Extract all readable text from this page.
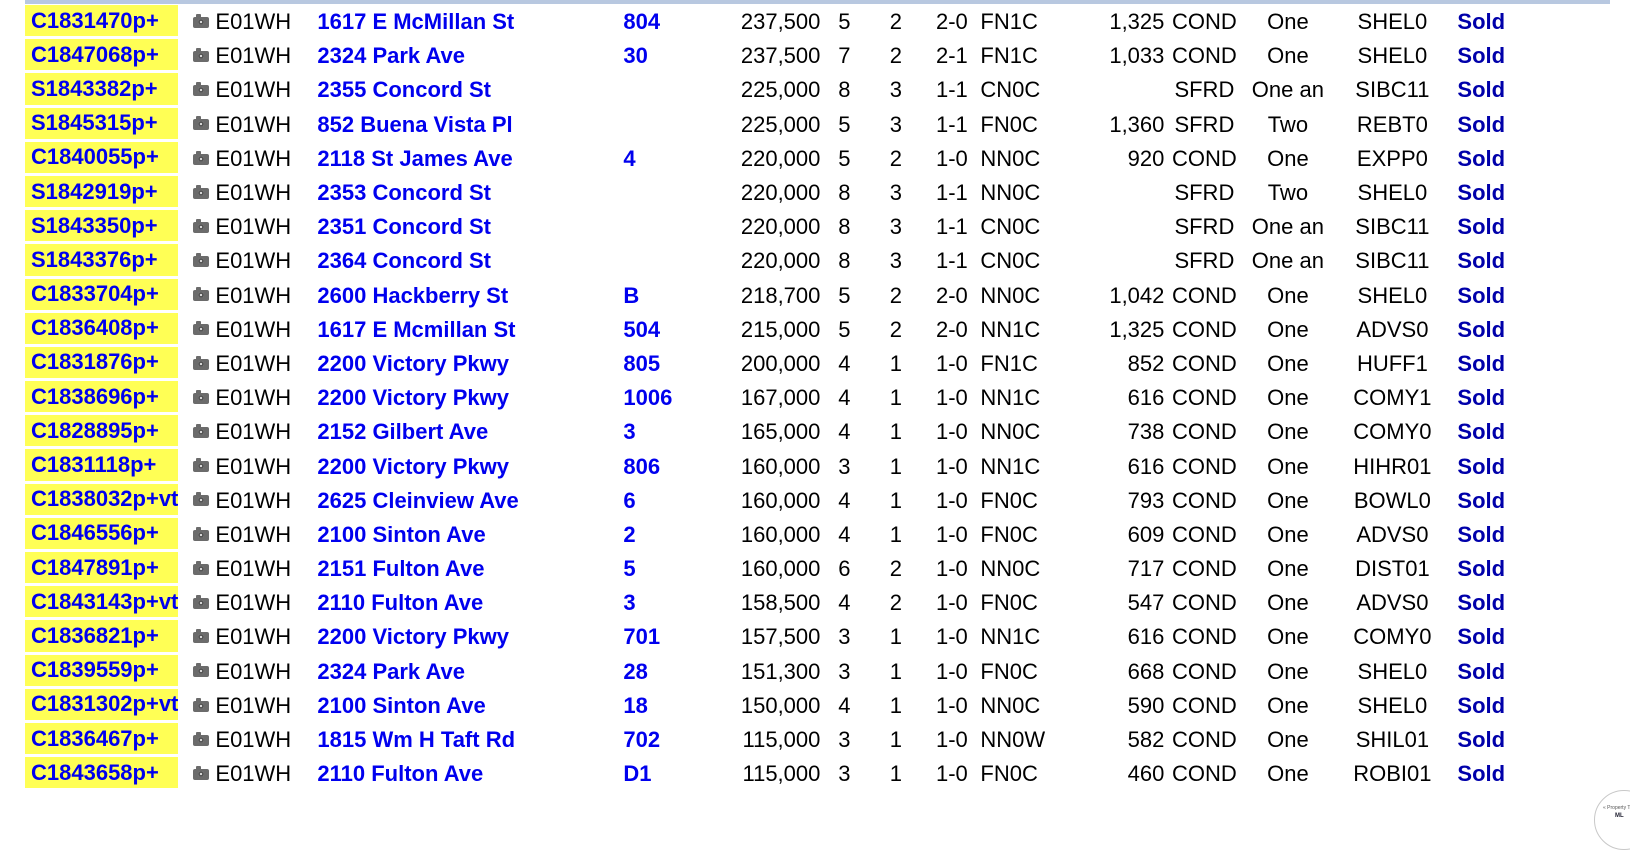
C1831470p+	E01WH	1617 E McMillan St	804	237,500	5	2	2-0	FN1C	1,325	COND	One	SHEL0	Sold
C1847068p+	E01WH	2324 Park Ave	30	237,500	7	2	2-1	FN1C	1,033	COND	One	SHEL0	Sold
S1843382p+	E01WH	2355 Concord St		225,000	8	3	1-1	CN0C		SFRD	One an	SIBC11	Sold
S1845315p+	E01WH	852 Buena Vista Pl		225,000	5	3	1-1	FN0C	1,360	SFRD	Two	REBT0	Sold
C1840055p+	E01WH	2118 St James Ave	4	220,000	5	2	1-0	NN0C	920	COND	One	EXPP0	Sold
S1842919p+	E01WH	2353 Concord St		220,000	8	3	1-1	NN0C		SFRD	Two	SHEL0	Sold
S1843350p+	E01WH	2351 Concord St		220,000	8	3	1-1	CN0C		SFRD	One an	SIBC11	Sold
S1843376p+	E01WH	2364 Concord St		220,000	8	3	1-1	CN0C		SFRD	One an	SIBC11	Sold
C1833704p+	E01WH	2600 Hackberry St	B	218,700	5	2	2-0	NN0C	1,042	COND	One	SHEL0	Sold
C1836408p+	E01WH	1617 E Mcmillan St	504	215,000	5	2	2-0	NN1C	1,325	COND	One	ADVS0	Sold
C1831876p+	E01WH	2200 Victory Pkwy	805	200,000	4	1	1-0	FN1C	852	COND	One	HUFF1	Sold
C1838696p+	E01WH	2200 Victory Pkwy	1006	167,000	4	1	1-0	NN1C	616	COND	One	COMY1	Sold
C1828895p+	E01WH	2152 Gilbert Ave	3	165,000	4	1	1-0	NN0C	738	COND	One	COMY0	Sold
C1831118p+	E01WH	2200 Victory Pkwy	806	160,000	3	1	1-0	NN1C	616	COND	One	HIHR01	Sold
C1838032p+vt	E01WH	2625 Cleinview Ave	6	160,000	4	1	1-0	FN0C	793	COND	One	BOWL0	Sold
C1846556p+	E01WH	2100 Sinton Ave	2	160,000	4	1	1-0	FN0C	609	COND	One	ADVS0	Sold
C1847891p+	E01WH	2151 Fulton Ave	5	160,000	6	2	1-0	NN0C	717	COND	One	DIST01	Sold
C1843143p+vt	E01WH	2110 Fulton Ave	3	158,500	4	2	1-0	FN0C	547	COND	One	ADVS0	Sold
C1836821p+	E01WH	2200 Victory Pkwy	701	157,500	3	1	1-0	NN1C	616	COND	One	COMY0	Sold
C1839559p+	E01WH	2324 Park Ave	28	151,300	3	1	1-0	FN0C	668	COND	One	SHEL0	Sold
C1831302p+vt	E01WH	2100 Sinton Ave	18	150,000	4	1	1-0	NN0C	590	COND	One	SHEL0	Sold
C1836467p+	E01WH	1815 Wm H Taft Rd	702	115,000	3	1	1-0	NN0W	582	COND	One	SHIL01	Sold
C1843658p+	E01WH	2110 Fulton Ave	D1	115,000	3	1	1-0	FN0C	460	COND	One	ROBI01	Sold
« Property T
ML
